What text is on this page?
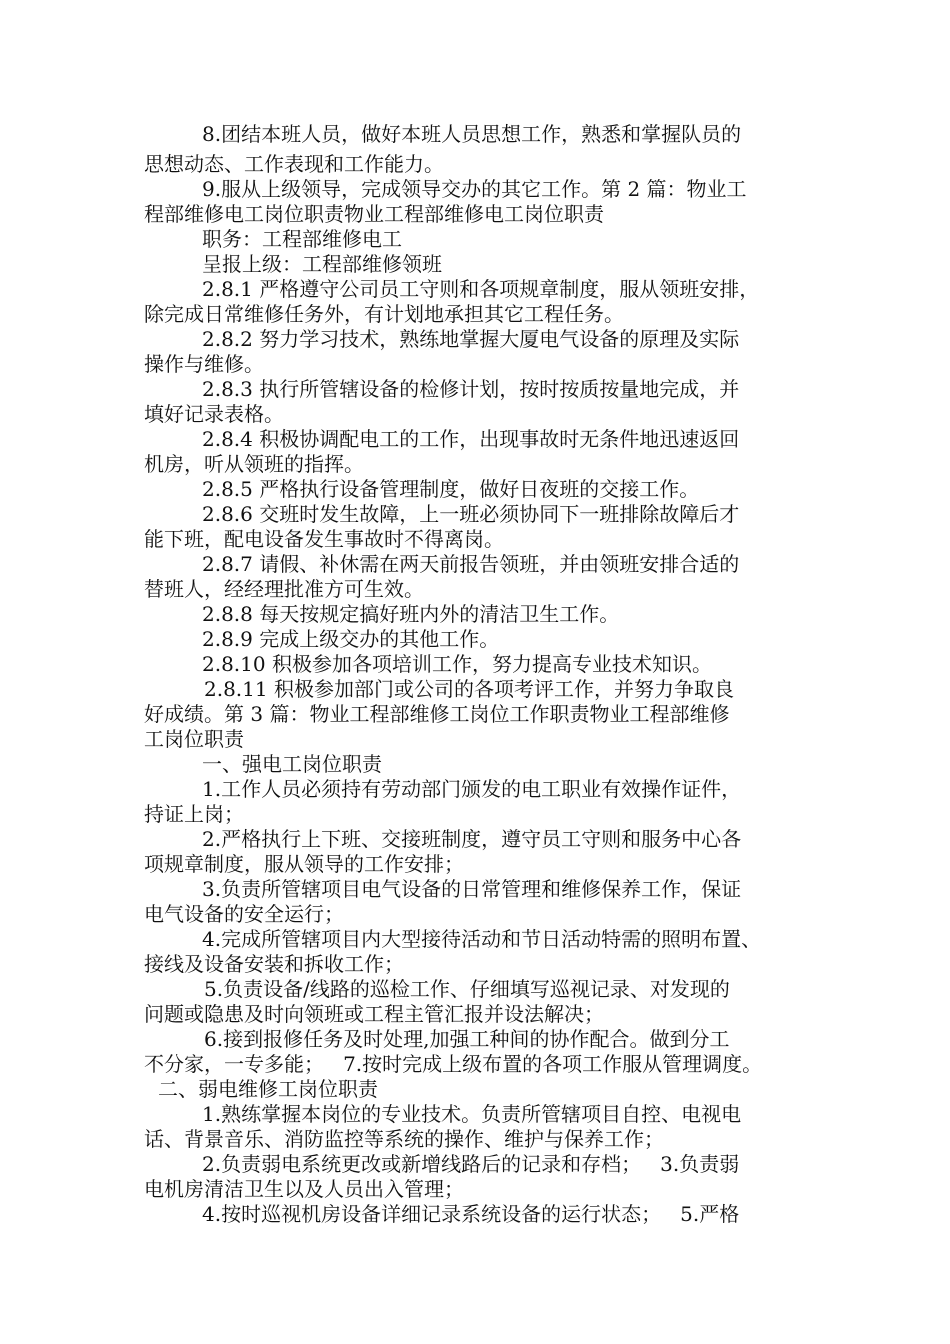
8.团结本班人员，做好本班人员思想工作，熟悉和掌握队员的

思想动态、工作表现和工作能力。

9.服从上级领导，完成领导交办的其它工作。第 2 篇：物业工

程部维修电工岗位职责物业工程部维修电工岗位职责

职务：工程部维修电工

呈报上级：工程部维修领班

2.8.1 严格遵守公司员工守则和各项规章制度，服从领班安排，

除完成日常维修任务外，有计划地承担其它工程任务。

2.8.2 努力学习技术，熟练地掌握大厦电气设备的原理及实际

操作与维修。

2.8.3 执行所管辖设备的检修计划，按时按质按量地完成，并

填好记录表格。

2.8.4 积极协调配电工的工作，出现事故时无条件地迅速返回

机房，听从领班的指挥。

2.8.5 严格执行设备管理制度，做好日夜班的交接工作。

2.8.6 交班时发生故障，上一班必须协同下一班排除故障后才

能下班，配电设备发生事故时不得离岗。

2.8.7 请假、补休需在两天前报告领班，并由领班安排合适的

替班人，经经理批准方可生效。

2.8.8 每天按规定搞好班内外的清洁卫生工作。

2.8.9 完成上级交办的其他工作。

2.8.10 积极参加各项培训工作，努力提高专业技术知识。

2.8.11 积极参加部门或公司的各项考评工作，并努力争取良

好成绩。第 3 篇：物业工程部维修工岗位工作职责物业工程部维修

工岗位职责

一、强电工岗位职责

1.工作人员必须持有劳动部门颁发的电工职业有效操作证件，

持证上岗；

2.严格执行上下班、交接班制度，遵守员工守则和服务中心各

项规章制度，服从领导的工作安排；

3.负责所管辖项目电气设备的日常管理和维修保养工作，保证

电气设备的安全运行；

4.完成所管辖项目内大型接待活动和节日活动特需的照明布置、

接线及设备安装和拆收工作；

5.负责设备/线路的巡检工作、仔细填写巡视记录、对发现的

问题或隐患及时向领班或工程主管汇报并设法解决；

6.接到报修任务及时处理,加强工种间的协作配合。做到分工

不分家，一专多能；   7.按时完成上级布置的各项工作服从管理调度。

二、弱电维修工岗位职责

1.熟练掌握本岗位的专业技术。负责所管辖项目自控、电视电

话、背景音乐、消防监控等系统的操作、维护与保养工作；

2.负责弱电系统更改或新增线路后的记录和存档；   3.负责弱

电机房清洁卫生以及人员出入管理；

4.按时巡视机房设备详细记录系统设备的运行状态；   5.严格
